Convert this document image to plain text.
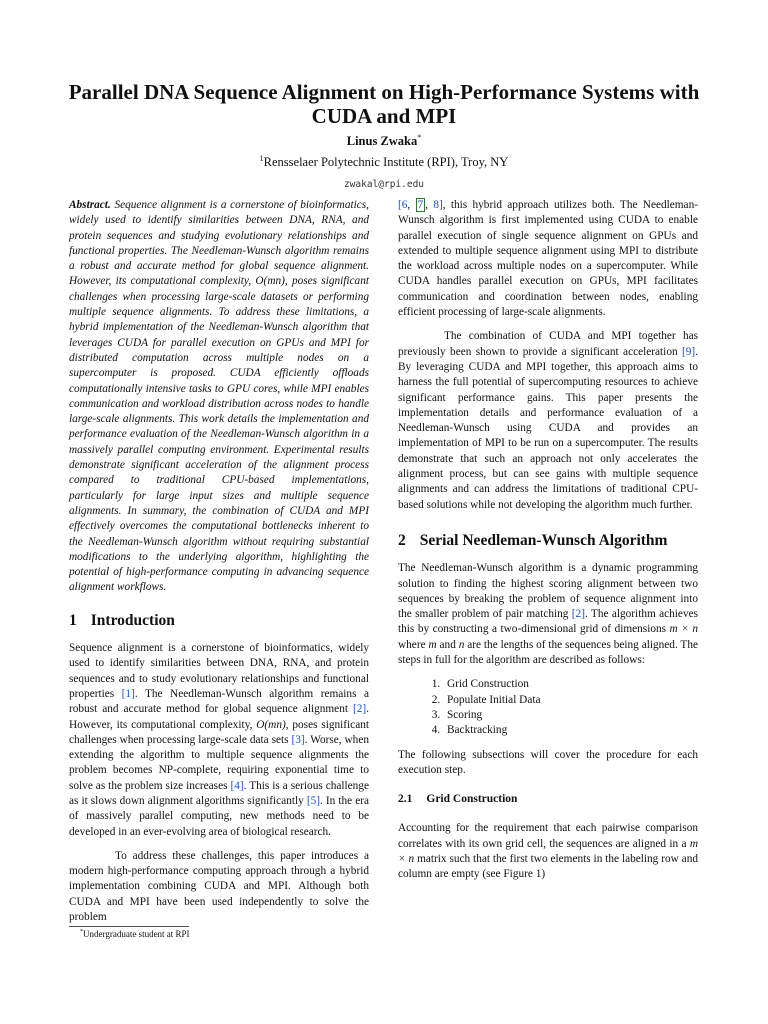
Parallel DNA Sequence Alignment on High-Performance Systems with CUDA and MPI
Linus Zwaka*
$^1$Rensselaer Polytechnic Institute (RPI), Troy, NY
zwakal@rpi.edu

Abstract. Sequence alignment is a cornerstone of bioinformatics, widely used to identify similarities between DNA, RNA, and protein sequences and studying evolutionary relationships and functional properties. The Needleman-Wunsch algorithm remains a robust and accurate method for global sequence alignment. However, its computational complexity, O(mn), poses significant challenges when processing large-scale datasets or performing multiple sequence alignments. To address these limitations, a hybrid implementation of the Needleman-Wunsch algorithm that leverages CUDA for parallel execution on GPUs and MPI for distributed computation across multiple nodes on a supercomputer is proposed. CUDA efficiently offloads computationally intensive tasks to GPU cores, while MPI enables communication and workload distribution across nodes to handle large-scale alignments. This work details the implementation and performance evaluation of the Needleman-Wunsch algorithm in a massively parallel computing environment. Experimental results demonstrate significant acceleration of the alignment process compared to traditional CPU-based implementations, particularly for large input sizes and multiple sequence alignments. In summary, the combination of CUDA and MPI effectively overcomes the computational bottlenecks inherent to the Needleman-Wunsch algorithm without requiring substantial modifications to the underlying algorithm, highlighting the potential of high-performance computing in advancing sequence alignment workflows.

1 Introduction

Sequence alignment is a cornerstone of bioinformatics, widely used to identify similarities between DNA, RNA, and protein sequences and to study evolutionary relationships and functional properties [1]. The Needleman-Wunsch algorithm remains a robust and accurate method for global sequence alignment [2]. However, its computational complexity, O(mn), poses significant challenges when processing large-scale data sets [3]. Worse, when extending the algorithm to multiple sequence alignments the problem becomes NP-complete, requiring exponential time to solve as the problem size increases [4]. This is a serious challenge as it slows down alignment algorithms significantly [5]. In the era of massively parallel computing, new methods need to be developed in an ever-evolving area of biological research.

To address these challenges, this paper introduces a modern high-performance computing approach through a hybrid implementation combining CUDA and MPI. Although both CUDA and MPI have been used independently to solve the problem

[6, 7 , 8], this hybrid approach utilizes both. The Needleman-Wunsch algorithm is first implemented using CUDA to enable parallel execution of single sequence alignment on GPUs and extended to multiple sequence alignment using MPI to distribute the workload across multiple nodes on a supercomputer. While CUDA handles parallel execution on GPUs, MPI facilitates communication and coordination between nodes, enabling efficient processing of large-scale alignments.

The combination of CUDA and MPI together has previously been shown to provide a significant acceleration [9]. By leveraging CUDA and MPI together, this approach aims to harness the full potential of supercomputing resources to achieve significant performance gains. This paper presents the implementation details and performance evaluation of a Needleman-Wunsch using CUDA and provides an implementation of MPI to be run on a supercomputer. The results demonstrate that such an approach not only accelerates the alignment process, but can see gains with multiple sequence alignments and can address the limitations of traditional CPU-based solutions while not developing the algorithm much further.

2 Serial Needleman-Wunsch Algorithm

The Needleman-Wunsch algorithm is a dynamic programming solution to finding the highest scoring alignment between two sequences by breaking the problem of sequence alignment into the smaller problem of pair matching [2]. The algorithm achieves this by constructing a two-dimensional grid of dimensions m × n where m and n are the lengths of the sequences being aligned. The steps in full for the algorithm are described as follows:

1. Grid Construction
2. Populate Initial Data
3. Scoring
4. Backtracking

The following subsections will cover the procedure for each execution step.

2.1 Grid Construction

Accounting for the requirement that each pairwise comparison correlates with its own grid cell, the sequences are aligned in a m × n matrix such that the first two elements in the labeling row and column are empty (see Figure 1)

*Undergraduate student at RPI
